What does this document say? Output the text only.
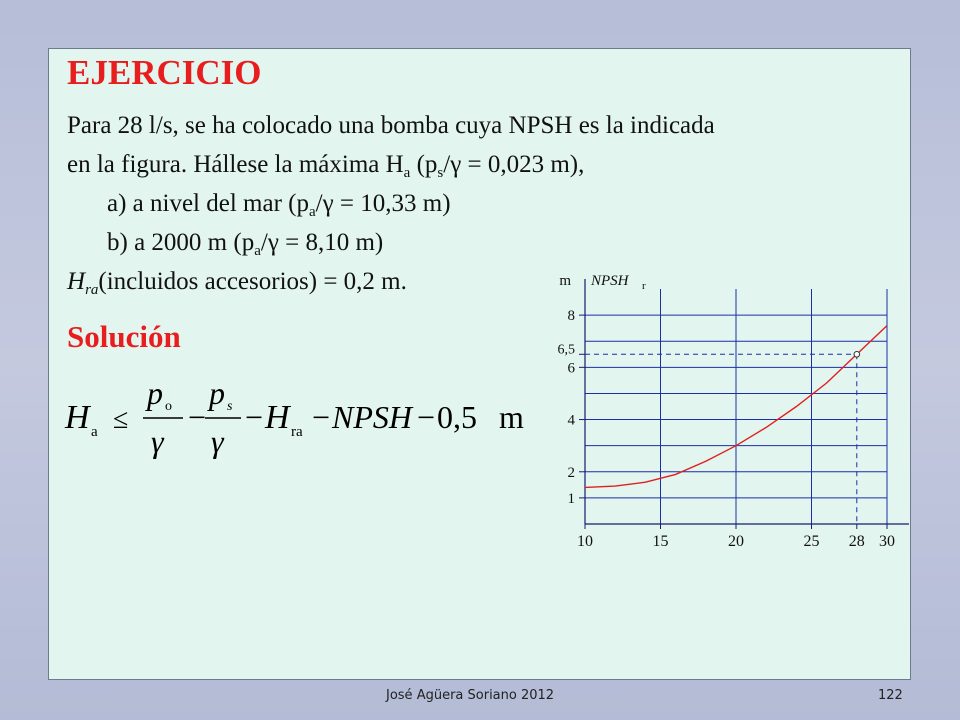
EJERCICIO
Para 28 l/s, se ha colocado una bomba cuya NPSH es la indicada
en la figura. Hállese la máxima $H_a$ ($p_s/\gamma = 0,023$ m),
a) a nivel del mar ($p_a/\gamma = 10,33$ m)
b) a 2000 m ($p_a/\gamma = 8,10$ m)
$H_{ra}(incluidos$ accesorios) = 0,2 m.
Solución
H a ≤
p o
γ
−
p s
γ
− H ra − NPSH − 0,5 m
1
2
4
6
8
6,5
10	15	20	25 28 30
m NPSH r
José Agüera Soriano 2012	122
